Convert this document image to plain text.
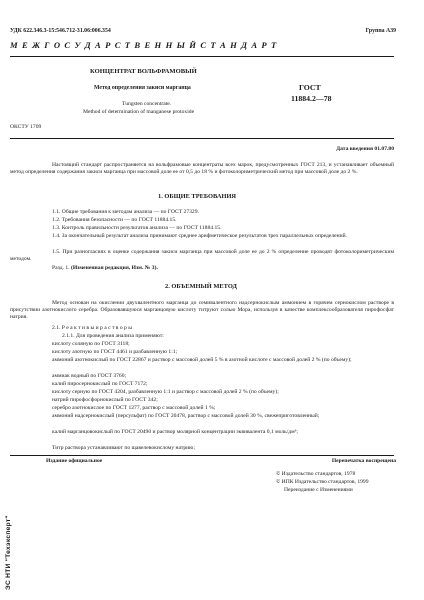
УДК 622.346.3-15:546.712-31.06:006.354	Группа А39
М Е Ж Г О С У Д А Р С Т В Е Н Н Ы Й С Т А Н Д А Р Т
КОНЦЕНТРАТ ВОЛЬФРАМОВЫЙ
Метод определения закиси марганца
Tungsten concentrate.
Method of determination of manganese protoxide
ГОСТ
11884.2—78
ОКСТУ 1709
Дата введения 01.07.80
Настоящий стандарт распространяется на вольфрамовые концентраты всех марок, предусмотренных ГОСТ 213, и устанавливает объемный метод определения содержания закиси марганца при массовой доле ее от 0,5 до 18 % и фотоколориметрический метод при массовой доле до 2 %.
1. ОБЩИЕ ТРЕБОВАНИЯ
1.1. Общие требования к методам анализа — по ГОСТ 27329.
1.2. Требования безопасности — по ГОСТ 11884.15.
1.3. Контроль правильности результатов анализа — по ГОСТ 11884.15.
1.4. За окончательный результат анализа принимают среднее арифметическое результатов трех параллельных определений.
1.5. При разногласиях в оценке содержания закиси марганца при массовой доле ее до 2 % определение проводят фотоколориметрическим методом.
Разд. 1. (Измененная редакция, Изм. № 3).
2. ОБЪЕМНЫЙ МЕТОД
Метод основан на окислении двухвалентного марганца до семивалентного надсернокислым аммонием в горячем сернокислом растворе в присутствии азотнокислого серебра. Образовавшуюся марганцовую кислоту титруют солью Мора, используя в качестве комплексообразователя пирофосфат натрия.
2.1. Р е а к т и в ы и р а с т в о р ы
2.1.1. Для проведения анализа применяют:
кислоту соляную по ГОСТ 3118;
кислоту азотную по ГОСТ 4461 и разбавленную 1:1;
аммоний азотнокислый по ГОСТ 22867 и раствор с массовой долей 5 % в азотной кислоте с массовой долей 2 % (по объему);
аммиак водный по ГОСТ 3760;
калий пиросернокислый по ГОСТ 7172;
кислоту серную по ГОСТ 4204, разбавленную 1:1 и раствор с массовой долей 2 % (по объему);
натрий пирофосфорнокислый по ГОСТ 342;
серебро азотнокислое по ГОСТ 1277, раствор с массовой долей 1 %;
аммоний надсернокислый (персульфат) по ГОСТ 20478, раствор с массовой долей 30 %, свежеприготовленный;
калий марганцовокислый по ГОСТ 20490 и раствор молярной концентрации эквивалента 0,1 моль/дм³;
Титр раствора устанавливают по щавелевокислому натрию;
Издание официальное	Перепечатка воспрещена
© Издательство стандартов, 1978
© ИПК Издательство стандартов, 1999
Переиздание с Изменениями
ЭС НТИ "Техэксперт"
